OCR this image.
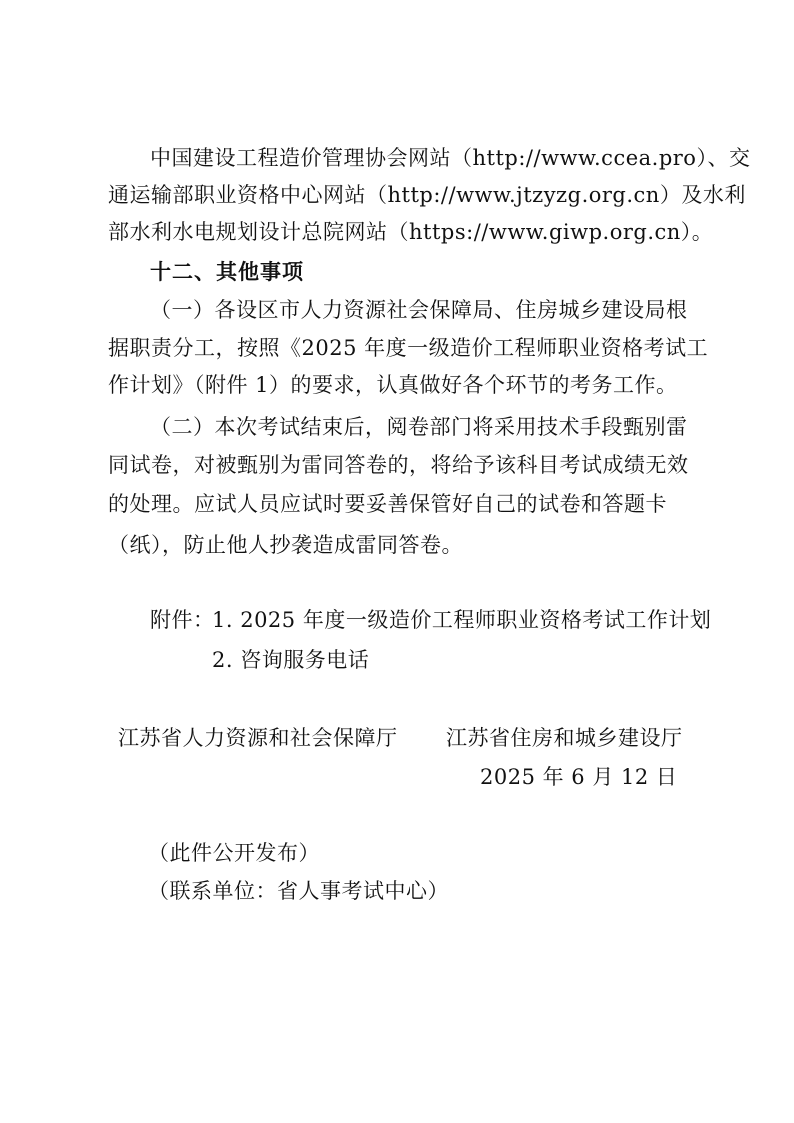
中国建设工程造价管理协会网站（http://www.ccea.pro）、交
通运输部职业资格中心网站（http://www.jtzyzg.org.cn）及水利
部水利水电规划设计总院网站（https://www.giwp.org.cn）。
十二、其他事项
（一）各设区市人力资源社会保障局、住房城乡建设局根
据职责分工，按照《2025 年度一级造价工程师职业资格考试工
作计划》（附件 1）的要求，认真做好各个环节的考务工作。
（二）本次考试结束后，阅卷部门将采用技术手段甄别雷
同试卷，对被甄别为雷同答卷的，将给予该科目考试成绩无效
的处理。应试人员应试时要妥善保管好自己的试卷和答题卡
（纸），防止他人抄袭造成雷同答卷。
附件：
1. 2025 年度一级造价工程师职业资格考试工作计划
2. 咨询服务电话
江苏省人力资源和社会保障厅 江苏省住房和城乡建设厅
2025 年 6 月 12 日
（此件公开发布）
（联系单位：省人事考试中心）
